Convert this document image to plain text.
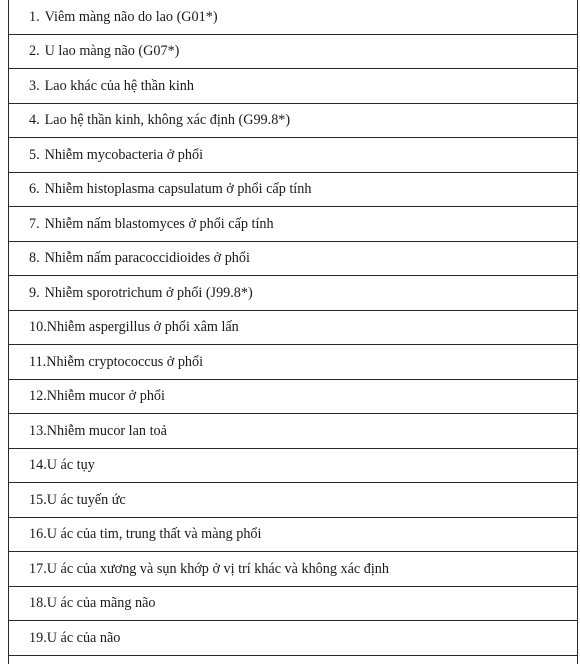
1. Viêm màng não do lao (G01*)
2. U lao màng não (G07*)
3. Lao khác của hệ thần kinh
4. Lao hệ thần kinh, không xác định (G99.8*)
5. Nhiễm mycobacteria ở phổi
6. Nhiễm histoplasma capsulatum ở phổi cấp tính
7. Nhiễm nấm blastomyces ở phổi cấp tính
8. Nhiễm nấm paracoccidioides ở phổi
9. Nhiễm sporotrichum ở phổi (J99.8*)
10.Nhiễm aspergillus ở phổi xâm lấn
11.Nhiễm cryptococcus ở phổi
12.Nhiễm mucor ở phổi
13.Nhiễm mucor lan toả
14.U ác tụy
15.U ác tuyến ức
16.U ác của tim, trung thất và màng phổi
17.U ác của xương và sụn khớp ở vị trí khác và không xác định
18.U ác của mãng não
19.U ác của não
